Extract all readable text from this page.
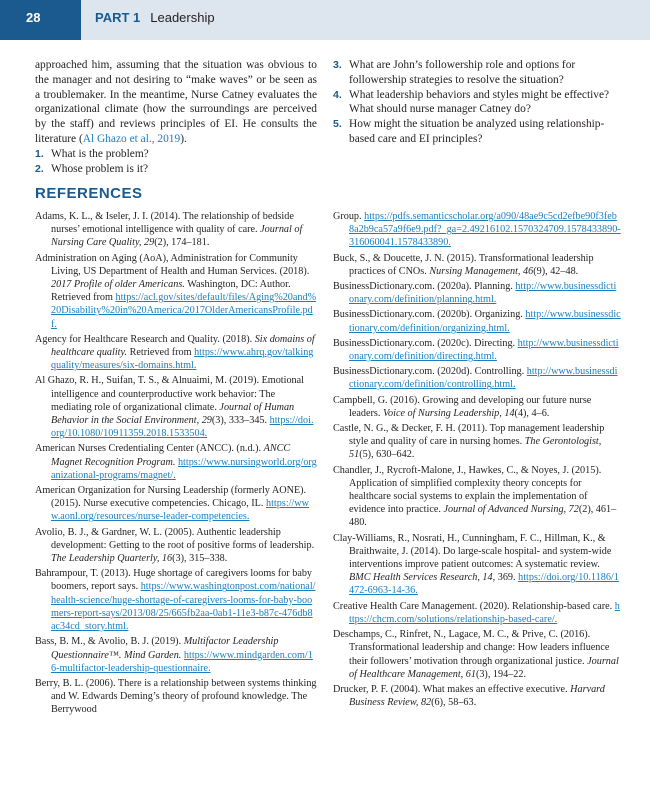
28	PART 1 Leadership

approached him, assuming that the situation was obvious to the manager and not desiring to “make waves” or be seen as a troublemaker. In the meantime, Nurse Catney evaluates the organizational climate (how the surroundings are perceived by the staff) and reviews principles of EI. He consults the literature (Al Ghazo et al., 2019).

1. What is the problem?
2. Whose problem is it?
3. What are John’s followership role and options for followership strategies to resolve the situation?
4. What leadership behaviors and styles might be effective? What should nurse manager Catney do?
5. How might the situation be analyzed using relationship-based care and EI principles?
REFERENCES

Adams, K. L., & Iseler, J. I. (2014). The relationship of bedside nurses’ emotional intelligence with quality of care. Journal of Nursing Care Quality, 29(2), 174–181.

Administration on Aging (AoA), Administration for Community Living, US Department of Health and Human Services. (2018). 2017 Profile of older Americans. Washington, DC: Author. Retrieved from https://acl.gov/sites/default/files/Aging%20and%20Disability%20in%20America/2017OlderAmericansProfile.pdf.

Agency for Healthcare Research and Quality. (2018). Six domains of healthcare quality. Retrieved from https://www.ahrq.gov/talkingquality/measures/six-domains.html.

Al Ghazo, R. H., Suifan, T. S., & Alnuaimi, M. (2019). Emotional intelligence and counterproductive work behavior: The mediating role of organizational climate. Journal of Human Behavior in the Social Environment, 29(3), 333–345. https://doi.org/10.1080/10911359.2018.1533504.

American Nurses Credentialing Center (ANCC). (n.d.). ANCC Magnet Recognition Program. https://www.nursingworld.org/organizational-programs/magnet/.

American Organization for Nursing Leadership (formerly AONE). (2015). Nurse executive competencies. Chicago, IL. https://www.aonl.org/resources/nurse-leader-competencies.

Avolio, B. J., & Gardner, W. L. (2005). Authentic leadership development: Getting to the root of positive forms of leadership. The Leadership Quarterly, 16(3), 315–338.

Bahrampour, T. (2013). Huge shortage of caregivers looms for baby boomers, report says. https://www.washingtonpost.com/national/health-science/huge-shortage-of-caregivers-looms-for-baby-boomers-report-says/2013/08/25/665fb2aa-0ab1-11e3-b87c-476db8ac34cd_story.html.

Bass, B. M., & Avolio, B. J. (2019). Multifactor Leadership Questionnaire™. Mind Garden. https://www.mindgarden.com/16-multifactor-leadership-questionnaire.

Berry, B. L. (2006). There is a relationship between systems thinking and W. Edwards Deming’s theory of profound knowledge. The Berrywood

Group. https://pdfs.semanticscholar.org/a090/48ae9c5cd2efbe90f3feb8a2b9ca57a9f6e9.pdf?_ga=2.49216102.1570324709.1578433890-316060041.1578433890.

Buck, S., & Doucette, J. N. (2015). Transformational leadership practices of CNOs. Nursing Management, 46(9), 42–48.

BusinessDictionary.com. (2020a). Planning. http://www.businessdictionary.com/definition/planning.html.

BusinessDictionary.com. (2020b). Organizing. http://www.businessdictionary.com/definition/organizing.html.

BusinessDictionary.com. (2020c). Directing. http://www.businessdictionary.com/definition/directing.html.

BusinessDictionary.com. (2020d). Controlling. http://www.businessdictionary.com/definition/controlling.html.

Campbell, G. (2016). Growing and developing our future nurse leaders. Voice of Nursing Leadership, 14(4), 4–6.

Castle, N. G., & Decker, F. H. (2011). Top management leadership style and quality of care in nursing homes. The Gerontologist, 51(5), 630–642.

Chandler, J., Rycroft-Malone, J., Hawkes, C., & Noyes, J. (2015). Application of simplified complexity theory concepts for healthcare social systems to explain the implementation of evidence into practice. Journal of Advanced Nursing, 72(2), 461–480.

Clay-Williams, R., Nosrati, H., Cunningham, F. C., Hillman, K., & Braithwaite, J. (2014). Do large-scale hospital- and system-wide interventions improve patient outcomes: A systematic review. BMC Health Services Research, 14, 369. https://doi.org/10.1186/1472-6963-14-36.

Creative Health Care Management. (2020). Relationship-based care. https://chcm.com/solutions/relationship-based-care/.

Deschamps, C., Rinfret, N., Lagace, M. C., & Prive, C. (2016). Transformational leadership and change: How leaders influence their followers’ motivation through organizational justice. Journal of Healthcare Management, 61(3), 194–22.

Drucker, P. F. (2004). What makes an effective executive. Harvard Business Review, 82(6), 58–63.
